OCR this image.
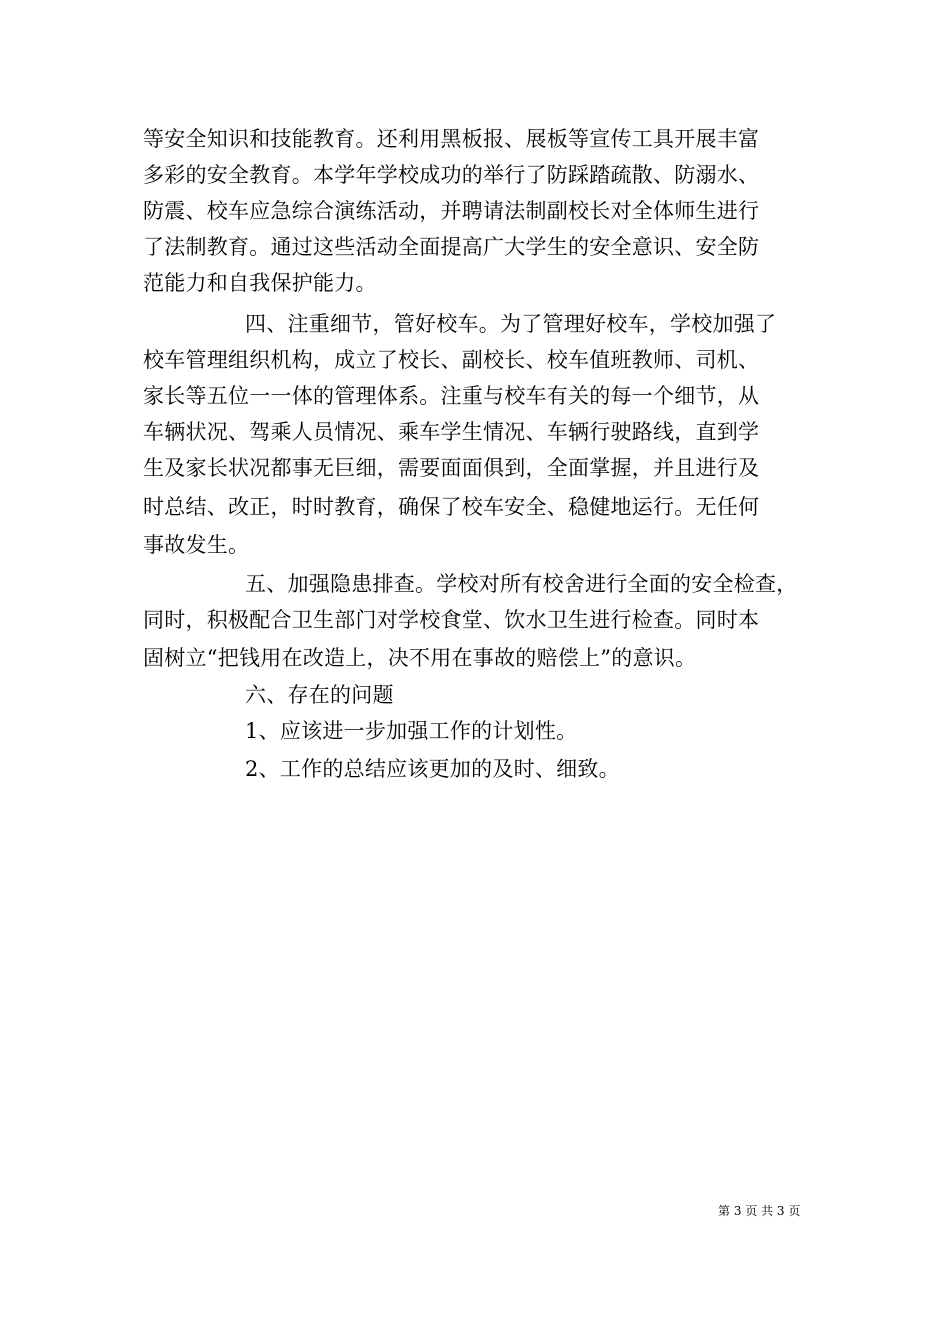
等安全知识和技能教育。还利用黑板报、展板等宣传工具开展丰富
多彩的安全教育。本学年学校成功的举行了防踩踏疏散、防溺水、
防震、校车应急综合演练活动，并聘请法制副校长对全体师生进行
了法制教育。通过这些活动全面提高广大学生的安全意识、安全防
范能力和自我保护能力。
四、注重细节，管好校车。为了管理好校车，学校加强了
校车管理组织机构，成立了校长、副校长、校车值班教师、司机、
家长等五位一一体的管理体系。注重与校车有关的每一个细节，从
车辆状况、驾乘人员情况、乘车学生情况、车辆行驶路线，直到学
生及家长状况都事无巨细，需要面面俱到，全面掌握，并且进行及
时总结、改正，时时教育，确保了校车安全、稳健地运行。无任何
事故发生。
五、加强隐患排查。学校对所有校舍进行全面的安全检查，
同时，积极配合卫生部门对学校食堂、饮水卫生进行检查。同时本
固树立“把钱用在改造上，决不用在事故的赔偿上”的意识。
六、存在的问题
1、应该进一步加强工作的计划性。
2、工作的总结应该更加的及时、细致。
第 3 页 共 3 页
